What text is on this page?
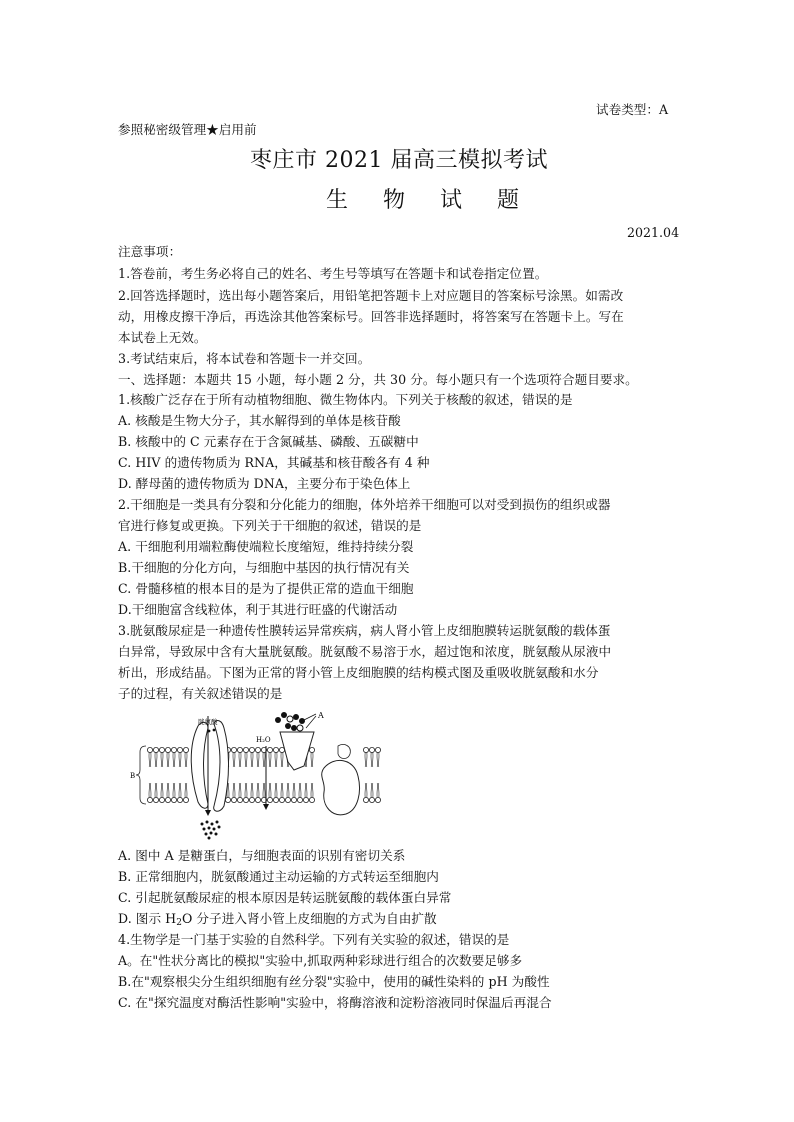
试卷类型：A
参照秘密级管理★启用前
枣庄市 2021 届高三模拟考试
生 物 试 题
2021.04
注意事项：
1.答卷前，考生务必将自己的姓名、考生号等填写在答题卡和试卷指定位置。
2.回答选择题时，选出每小题答案后，用铅笔把答题卡上对应题目的答案标号涂黑。如需改
动，用橡皮擦干净后，再选涂其他答案标号。回答非选择题时，将答案写在答题卡上。写在
本试卷上无效。
3.考试结束后，将本试卷和答题卡一并交回。
一、选择题：本题共 15 小题，每小题 2 分，共 30 分。每小题只有一个选项符合题目要求。
1.核酸广泛存在于所有动植物细胞、微生物体内。下列关于核酸的叙述，错误的是
A. 核酸是生物大分子，其水解得到的单体是核苷酸
B. 核酸中的 C 元素存在于含氮碱基、磷酸、五碳糖中
C. HIV 的遗传物质为 RNA，其碱基和核苷酸各有 4 种
D. 酵母菌的遗传物质为 DNA，主要分布于染色体上
2.干细胞是一类具有分裂和分化能力的细胞，体外培养干细胞可以对受到损伤的组织或器
官进行修复或更换。下列关于干细胞的叙述，错误的是
A. 干细胞利用端粒酶使端粒长度缩短，维持持续分裂
B.干细胞的分化方向，与细胞中基因的执行情况有关
C. 骨髓移植的根本目的是为了提供正常的造血干细胞
D.干细胞富含线粒体，利于其进行旺盛的代谢活动
3.胱氨酸尿症是一种遗传性膜转运异常疾病，病人肾小管上皮细胞膜转运胱氨酸的载体蛋
白异常，导致尿中含有大量胱氨酸。胱氨酸不易溶于水，超过饱和浓度，胱氨酸从尿液中
析出，形成结晶。下图为正常的肾小管上皮细胞膜的结构模式图及重吸收胱氨酸和水分
子的过程，有关叙述错误的是
B
胱氨酸
H₂O
A
A. 图中 A 是糖蛋白，与细胞表面的识别有密切关系
B. 正常细胞内，胱氨酸通过主动运输的方式转运至细胞内
C. 引起胱氨酸尿症的根本原因是转运胱氨酸的载体蛋白异常
D. 图示 $H_2O$ 分子进入肾小管上皮细胞的方式为自由扩散
4.生物学是一门基于实验的自然科学。下列有关实验的叙述，错误的是
A。在"性状分离比的模拟"实验中,抓取两种彩球进行组合的次数要足够多
B.在"观察根尖分生组织细胞有丝分裂"实验中，使用的碱性染料的 pH 为酸性
C. 在"探究温度对酶活性影响"实验中，将酶溶液和淀粉溶液同时保温后再混合
